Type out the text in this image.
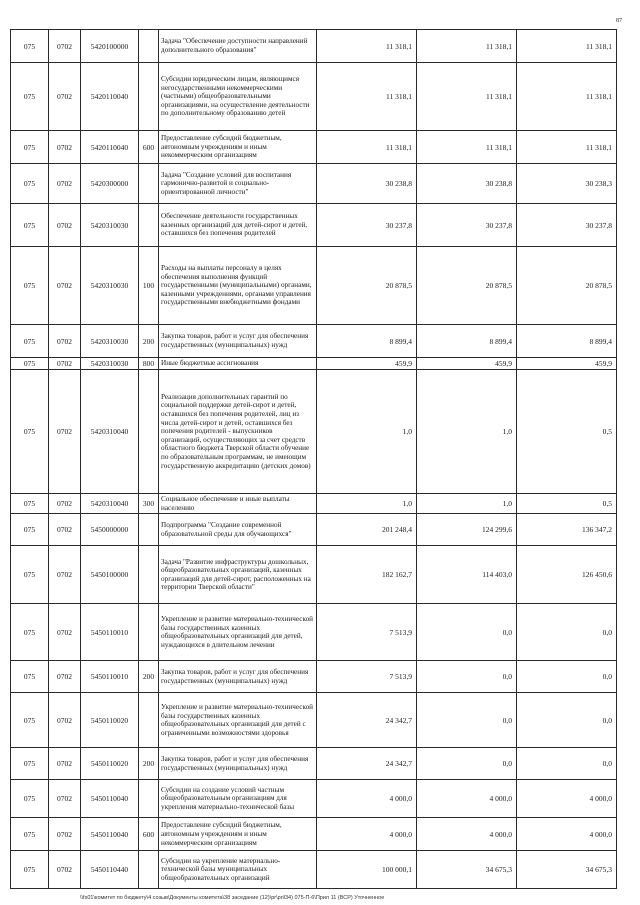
87
075	0702	5420100000		Задача "Обеспечение доступности направлений дополнительного образования"	11 318,1	11 318,1	11 318,1
075	0702	5420110040		Субсидии юридическим лицам, являющимся негосударственными некоммерческими (частными) общеобразовательными организациями, на осуществление деятельности по дополнительному образованию детей	11 318,1	11 318,1	11 318,1
075	0702	5420110040	600	Предоставление субсидий бюджетным, автономным учреждениям и иным некоммерческим организациям	11 318,1	11 318,1	11 318,1
075	0702	5420300000		Задача "Создание условий для воспитания гармонично-развитой и социально-ориентированной личности"	30 238,8	30 238,8	30 238,3
075	0702	5420310030		Обеспечение деятельности государственных казенных организаций для детей-сирот и детей, оставшихся без попечения родителей	30 237,8	30 237,8	30 237,8
075	0702	5420310030	100	Расходы на выплаты персоналу в целях обеспечения выполнения функций государственными (муниципальными) органами, казенными учреждениями, органами управления государственными внебюджетными фондами	20 878,5	20 878,5	20 878,5
075	0702	5420310030	200	Закупка товаров, работ и услуг для обеспечения государственных (муниципальных) нужд	8 899,4	8 899,4	8 899,4
075	0702	5420310030	800	Иные бюджетные ассигнования	459,9	459,9	459,9
075	0702	5420310040		Реализация дополнительных гарантий по социальной поддержке детей-сирот и детей, оставшихся без попечения родителей, лиц из числа детей-сирот и детей, оставшихся без попечения родителей - выпускников организаций, осуществляющих за счет средств областного бюджета Тверской области обучение по образовательным программам, не имеющим государственную аккредитацию (детских домов)	1,0	1,0	0,5
075	0702	5420310040	300	Социальное обеспечение и иные выплаты населению	1,0	1,0	0,5
075	0702	5450000000		Подпрограмма "Создание современной образовательной среды для обучающихся"	201 248,4	124 299,6	136 347,2
075	0702	5450100000		Задача "Развитие инфраструктуры дошкольных, общеобразовательных организаций, казенных организаций для детей-сирот, расположенных на территории Тверской области"	182 162,7	114 403,0	126 450,6
075	0702	5450110010		Укрепление и развитие материально-технической базы государственных казенных общеобразовательных организаций для детей, нуждающихся в длительном лечении	7 513,9	0,0	0,0
075	0702	5450110010	200	Закупка товаров, работ и услуг для обеспечения государственных (муниципальных) нужд	7 513,9	0,0	0,0
075	0702	5450110020		Укрепление и развитие материально-технической базы государственных казенных общеобразовательных организаций для детей с ограниченными возможностями здоровья	24 342,7	0,0	0,0
075	0702	5450110020	200	Закупка товаров, работ и услуг для обеспечения государственных (муниципальных) нужд	24 342,7	0,0	0,0
075	0702	5450110040		Субсидии на создание условий частным общеобразовательным организациям для укрепления материально-технической базы	4 000,0	4 000,0	4 000,0
075	0702	5450110040	600	Предоставление субсидий бюджетным, автономным учреждениям и иным некоммерческим организациям	4 000,0	4 000,0	4 000,0
075	0702	5450110440		Субсидии на укрепление материально-технической базы муниципальных общеобразовательных организаций	100 000,1	34 675,3	34 675,3
\\fs01\комитет по бюджету\4 созыв\Документы комитета\38 заседание (12)\pr\pril34) 075-П-6\Прил 11 (ВСР) Уточненное
